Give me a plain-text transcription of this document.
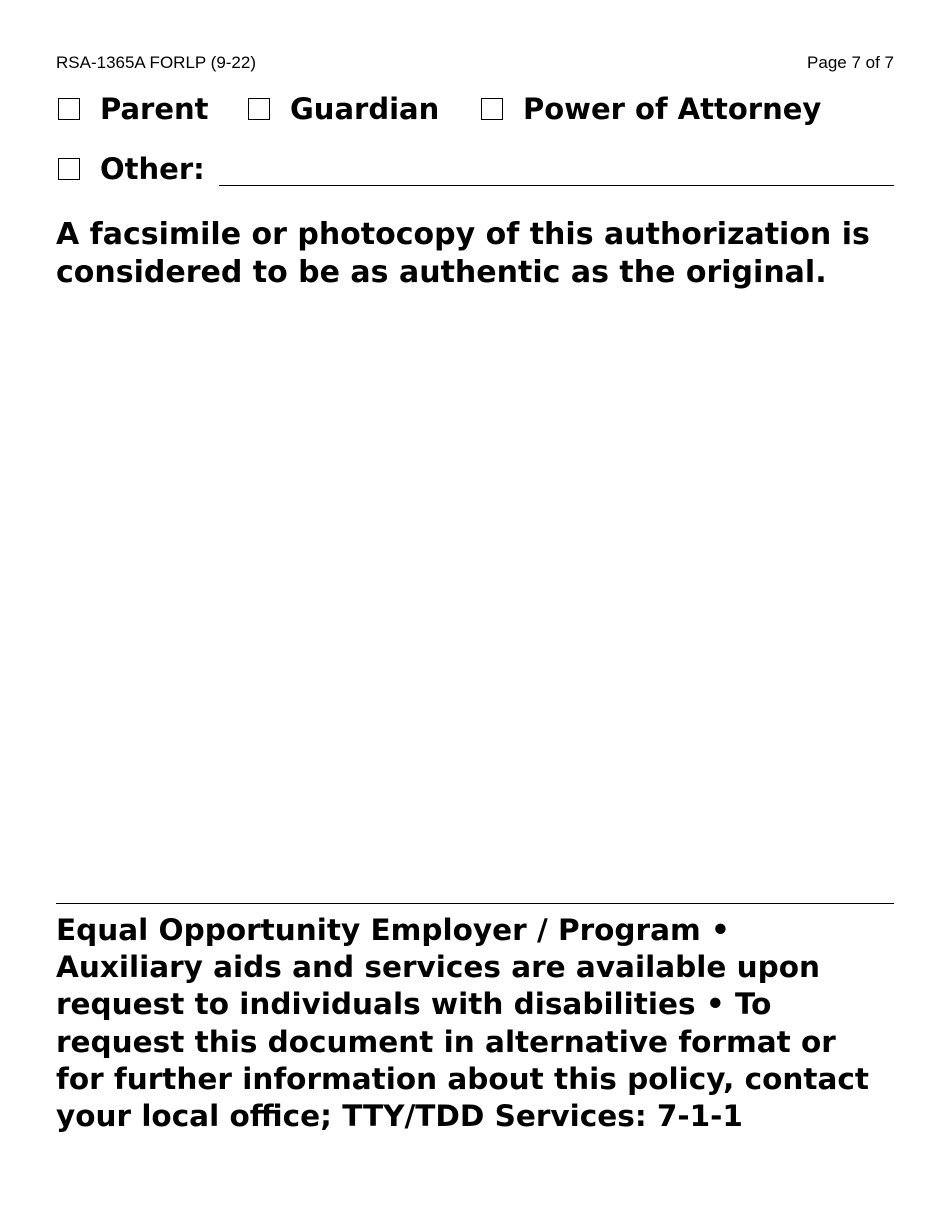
RSA-1365A FORLP (9-22)	Page 7 of 7
Parent	Guardian	Power of Attorney
Other:
A facsimile or photocopy of this authorization is considered to be as authentic as the original.
Equal Opportunity Employer / Program • Auxiliary aids and services are available upon request to individuals with disabilities • To request this document in alternative format or for further information about this policy, contact your local office; TTY/TDD Services: 7-1-1
